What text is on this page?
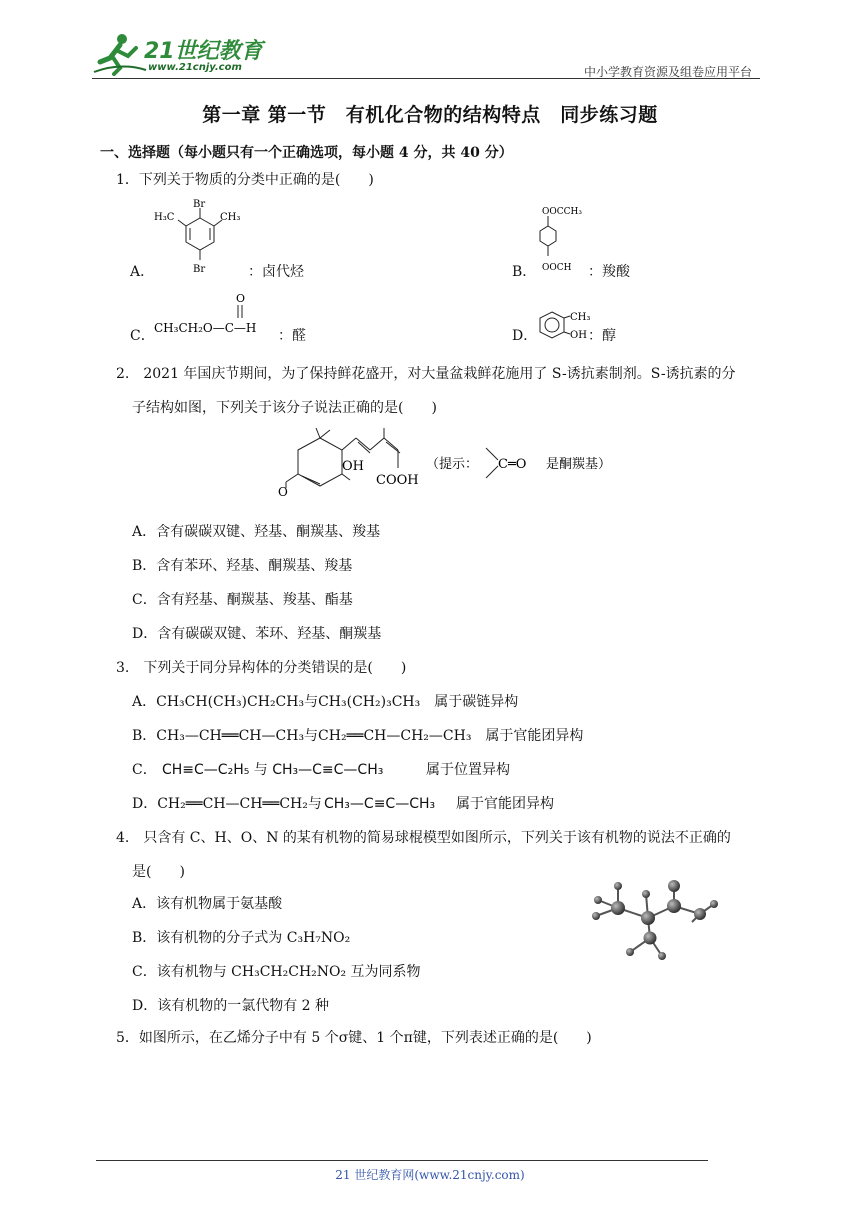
21世纪教育
www.21cnjy.com	中小学教育资源及组卷应用平台
第一章 第一节　有机化合物的结构特点　同步练习题
一、选择题（每小题只有一个正确选项，每小题 4 分，共 40 分）
1．下列关于物质的分类中正确的是(　　)
A．
Br
Br
H₃C	CH₃
：卤代烃	B．
OOCCH₃
OOCH ：羧酸
C．
O
CH₃CH₂O—C—H ：醛	D．
CH₃
OH ：醇
2.　2021 年国庆节期间，为了保持鲜花盛开，对大量盆栽鲜花施用了 S-诱抗素制剂。S-诱抗素的分
子结构如图，下列关于该分子说法正确的是(　　)
O
OH
COOH
（提示： C═O 是酮羰基）
A．含有碳碳双键、羟基、酮羰基、羧基
B．含有苯环、羟基、酮羰基、羧基
C．含有羟基、酮羰基、羧基、酯基
D．含有碳碳双键、苯环、羟基、酮羰基
3.　下列关于同分异构体的分类错误的是(　　)
A．CH₃CH(CH₃)CH₂CH₃与CH₃(CH₂)₃CH₃　属于碳链异构
B．CH₃—CH══CH—CH₃与CH₂══CH—CH₂—CH₃　属于官能团异构
C． CH≡C—C₂H₅ 与 CH₃—C≡C—CH₃	属于位置异构
D．CH₂══CH—CH══CH₂与 CH₃—C≡C—CH₃ 属于官能团异构
4.　只含有 C、H、O、N 的某有机物的简易球棍模型如图所示，下列关于该有机物的说法不正确的
是(　　)
A．该有机物属于氨基酸
B．该有机物的分子式为 C₃H₇NO₂
C．该有机物与 CH₃CH₂CH₂NO₂ 互为同系物
D．该有机物的一氯代物有 2 种
5．如图所示，在乙烯分子中有 5 个σ键、1 个π键，下列表述正确的是(　　)
21 世纪教育网(www.21cnjy.com)
